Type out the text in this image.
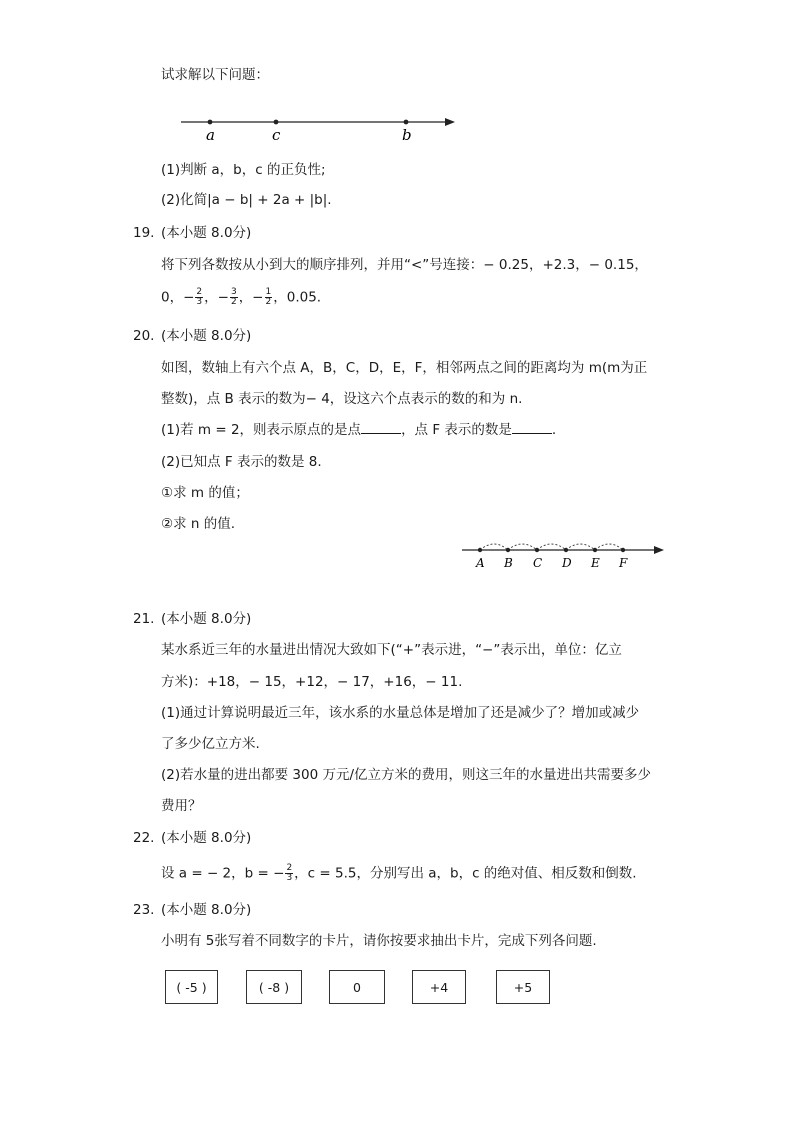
试求解以下问题：
a	c	b
(1)判断 a，b，c 的正负性;
(2)化简|a − b| + 2a + |b|.
19. (本小题 8.0分)
将下列各数按从小到大的顺序排列，并用“<”号连接：− 0.25，+2.3，− 0.15，
0，− $\frac{2}{3}$ ，− $\frac{3}{2}$ ，− $\frac{1}{2}$ ，0.05.
20. (本小题 8.0分)
如图，数轴上有六个点 A，B，C，D，E，F，相邻两点之间的距离均为 m(m为正
整数)，点 B 表示的数为− 4，设这六个点表示的数的和为 n.
(1)若 m = 2，则表示原点的是点	，点 F 表示的数是	.
(2)已知点 F 表示的数是 8.
①求 m 的值；
②求 n 的值.
A B C D E F
21. (本小题 8.0分)
某水系近三年的水量进出情况大致如下(“+”表示进，“−”表示出，单位：亿立
方米)：+18，− 15，+12，− 17，+16，− 11.
(1)通过计算说明最近三年，该水系的水量总体是增加了还是减少了？增加或减少
了多少亿立方米.
(2)若水量的进出都要 300 万元/亿立方米的费用，则这三年的水量进出共需要多少
费用？
22. (本小题 8.0分)
设 a = − 2，b = − $\frac{2}{3}$ ，c = 5.5，分别写出 a，b，c 的绝对值、相反数和倒数.
23. (本小题 8.0分)
小明有 5张写着不同数字的卡片，请你按要求抽出卡片，完成下列各问题.
( -5 )	( -8 )	0	+4	+5
